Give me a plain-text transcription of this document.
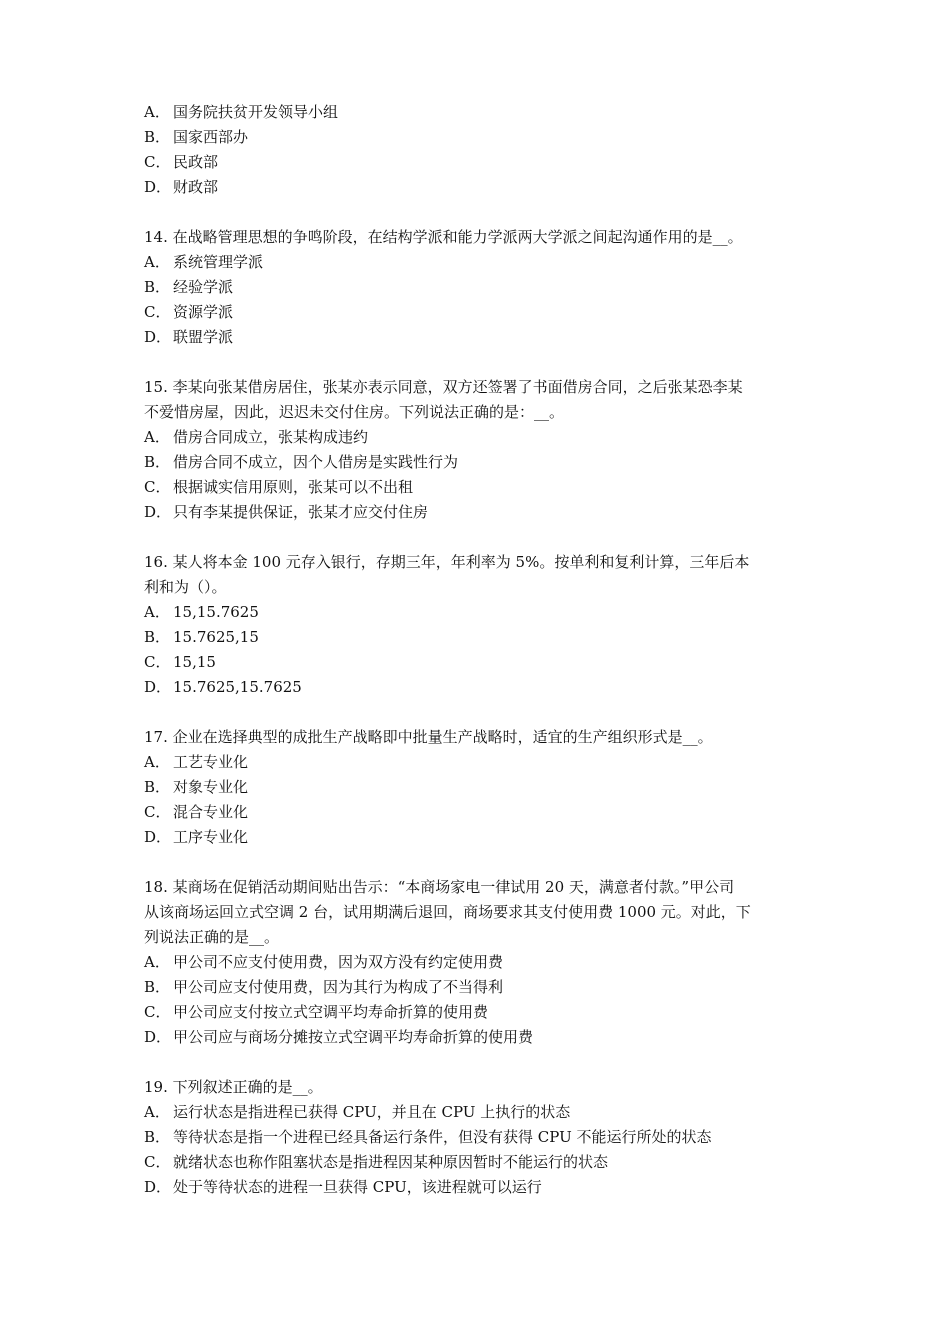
A． 国务院扶贫开发领导小组
B． 国家西部办
C． 民政部
D． 财政部
14. 在战略管理思想的争鸣阶段，在结构学派和能力学派两大学派之间起沟通作用的是__。
A． 系统管理学派
B． 经验学派
C． 资源学派
D． 联盟学派
15. 李某向张某借房居住，张某亦表示同意，双方还签署了书面借房合同，之后张某恐李某
不爱惜房屋，因此，迟迟未交付住房。下列说法正确的是：__。
A． 借房合同成立，张某构成违约
B． 借房合同不成立，因个人借房是实践性行为
C． 根据诚实信用原则，张某可以不出租
D． 只有李某提供保证，张某才应交付住房
16. 某人将本金 100 元存入银行，存期三年，年利率为 5%。按单利和复利计算，三年后本
利和为（）。
A． 15,15.7625
B． 15.7625,15
C． 15,15
D． 15.7625,15.7625
17. 企业在选择典型的成批生产战略即中批量生产战略时，适宜的生产组织形式是__。
A． 工艺专业化
B． 对象专业化
C． 混合专业化
D． 工序专业化
18. 某商场在促销活动期间贴出告示：“本商场家电一律试用 20 天，满意者付款。”甲公司
从该商场运回立式空调 2 台，试用期满后退回，商场要求其支付使用费 1000 元。对此，下
列说法正确的是__。
A． 甲公司不应支付使用费，因为双方没有约定使用费
B． 甲公司应支付使用费，因为其行为构成了不当得利
C． 甲公司应支付按立式空调平均寿命折算的使用费
D． 甲公司应与商场分摊按立式空调平均寿命折算的使用费
19. 下列叙述正确的是__。
A． 运行状态是指进程已获得 CPU，并且在 CPU 上执行的状态
B． 等待状态是指一个进程已经具备运行条件，但没有获得 CPU 不能运行所处的状态
C． 就绪状态也称作阻塞状态是指进程因某种原因暂时不能运行的状态
D． 处于等待状态的进程一旦获得 CPU，该进程就可以运行
